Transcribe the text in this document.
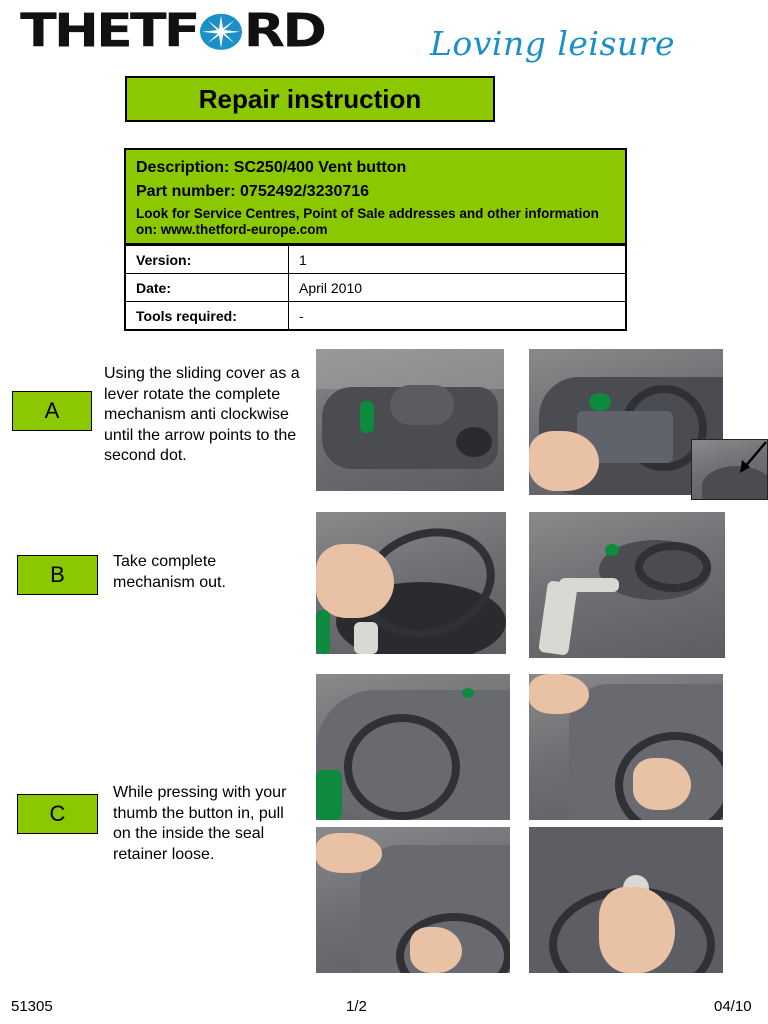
THETF RD	Loving leisure
Repair instruction
Description: SC250/400 Vent button
Part number: 0752492/3230716
Look for Service Centres, Point of Sale addresses and other information on: www.thetford-europe.com
Version:	1
Date:	April 2010
Tools required:	-
A
Using the sliding cover as a lever rotate the complete mechanism anti clockwise until the arrow points to the second dot.
B
Take complete mechanism out.
C
While pressing with your thumb the button in, pull on the inside the seal retainer loose.
51305	1/2	04/10
